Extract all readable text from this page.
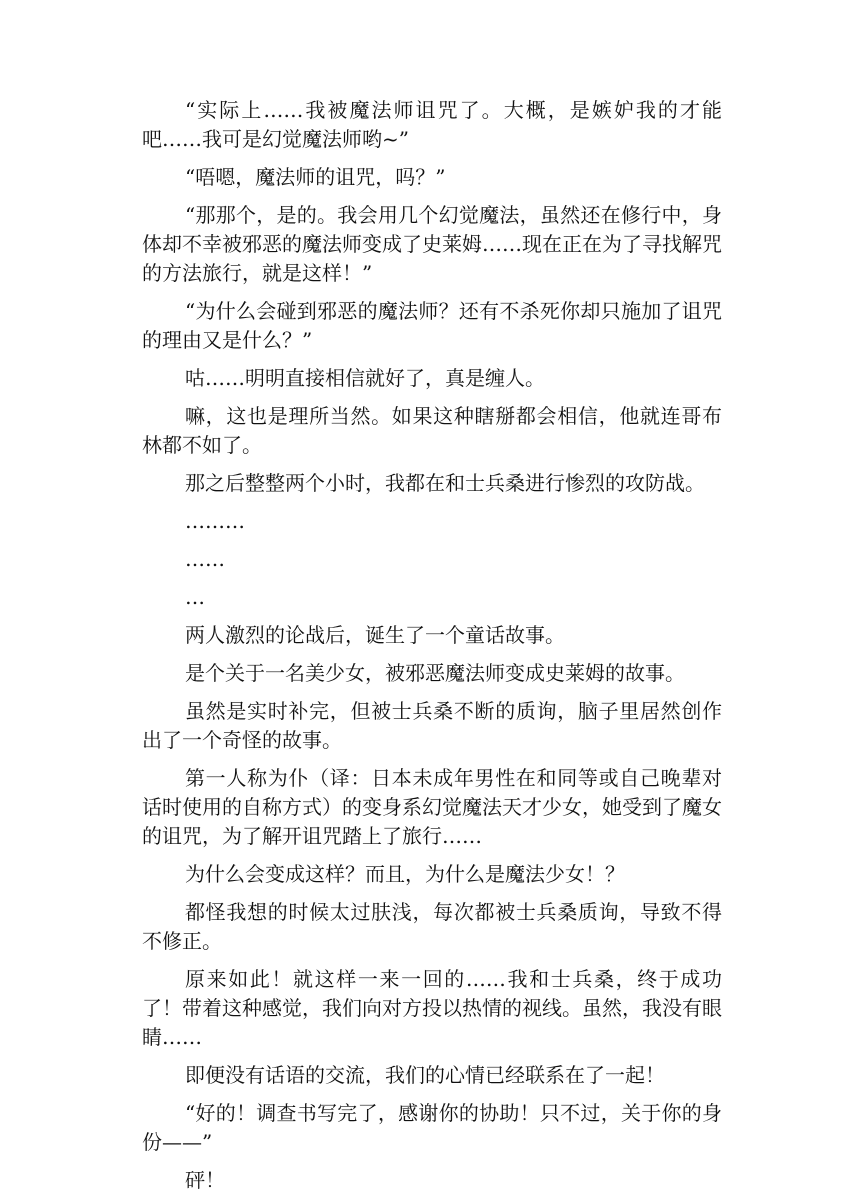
“实际上……我被魔法师诅咒了。大概，是嫉妒我的才能吧……我可是幻觉魔法师哟~”

“唔嗯，魔法师的诅咒，吗？”

“那那个，是的。我会用几个幻觉魔法，虽然还在修行中，身体却不幸被邪恶的魔法师变成了史莱姆……现在正在为了寻找解咒的方法旅行，就是这样！”

“为什么会碰到邪恶的魔法师？还有不杀死你却只施加了诅咒的理由又是什么？”

咕……明明直接相信就好了，真是缠人。

嘛，这也是理所当然。如果这种瞎掰都会相信，他就连哥布林都不如了。

那之后整整两个小时，我都在和士兵桑进行惨烈的攻防战。

………

……

…

两人激烈的论战后，诞生了一个童话故事。

是个关于一名美少女，被邪恶魔法师变成史莱姆的故事。

虽然是实时补完，但被士兵桑不断的质询，脑子里居然创作出了一个奇怪的故事。

第一人称为仆（译：日本未成年男性在和同等或自己晚辈对话时使用的自称方式）的变身系幻觉魔法天才少女，她受到了魔女的诅咒，为了解开诅咒踏上了旅行……

为什么会变成这样？而且，为什么是魔法少女！？

都怪我想的时候太过肤浅，每次都被士兵桑质询，导致不得不修正。

原来如此！就这样一来一回的……我和士兵桑，终于成功了！带着这种感觉，我们向对方投以热情的视线。虽然，我没有眼睛……

即便没有话语的交流，我们的心情已经联系在了一起！

“好的！调查书写完了，感谢你的协助！只不过，关于你的身份——”

砰！
